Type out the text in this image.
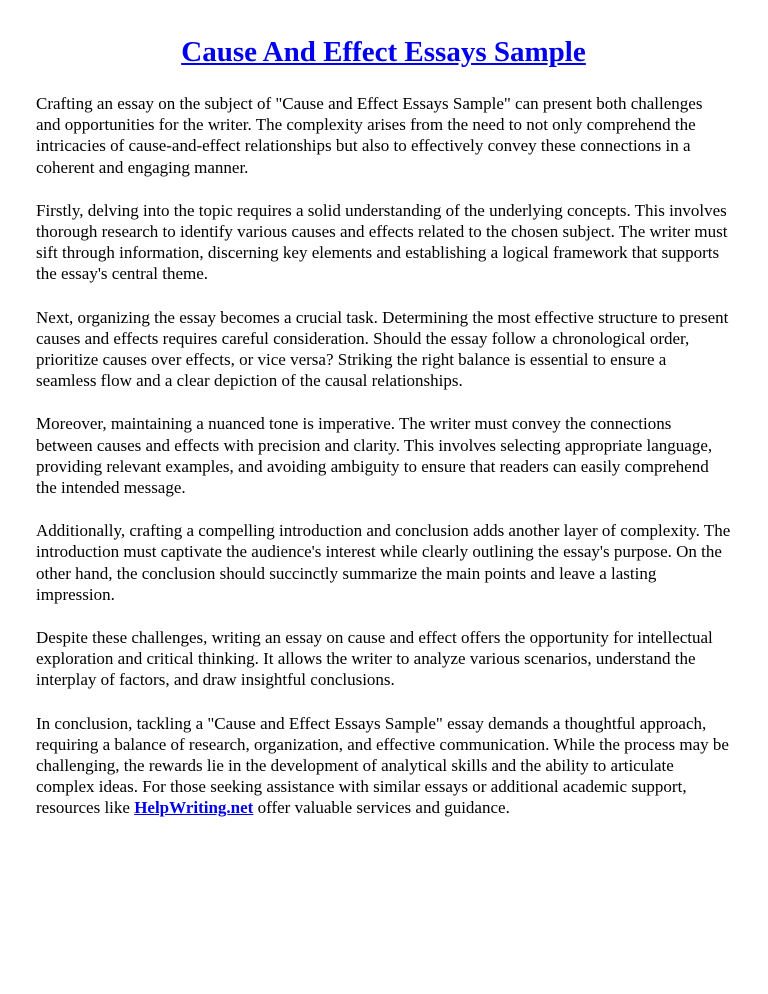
Cause And Effect Essays Sample

Crafting an essay on the subject of "Cause and Effect Essays Sample" can present both challenges and opportunities for the writer. The complexity arises from the need to not only comprehend the intricacies of cause-and-effect relationships but also to effectively convey these connections in a coherent and engaging manner.

Firstly, delving into the topic requires a solid understanding of the underlying concepts. This involves thorough research to identify various causes and effects related to the chosen subject. The writer must sift through information, discerning key elements and establishing a logical framework that supports the essay's central theme.

Next, organizing the essay becomes a crucial task. Determining the most effective structure to present causes and effects requires careful consideration. Should the essay follow a chronological order, prioritize causes over effects, or vice versa? Striking the right balance is essential to ensure a seamless flow and a clear depiction of the causal relationships.

Moreover, maintaining a nuanced tone is imperative. The writer must convey the connections between causes and effects with precision and clarity. This involves selecting appropriate language, providing relevant examples, and avoiding ambiguity to ensure that readers can easily comprehend the intended message.

Additionally, crafting a compelling introduction and conclusion adds another layer of complexity. The introduction must captivate the audience's interest while clearly outlining the essay's purpose. On the other hand, the conclusion should succinctly summarize the main points and leave a lasting impression.

Despite these challenges, writing an essay on cause and effect offers the opportunity for intellectual exploration and critical thinking. It allows the writer to analyze various scenarios, understand the interplay of factors, and draw insightful conclusions.

In conclusion, tackling a "Cause and Effect Essays Sample" essay demands a thoughtful approach, requiring a balance of research, organization, and effective communication. While the process may be challenging, the rewards lie in the development of analytical skills and the ability to articulate complex ideas. For those seeking assistance with similar essays or additional academic support, resources like HelpWriting.net offer valuable services and guidance.
